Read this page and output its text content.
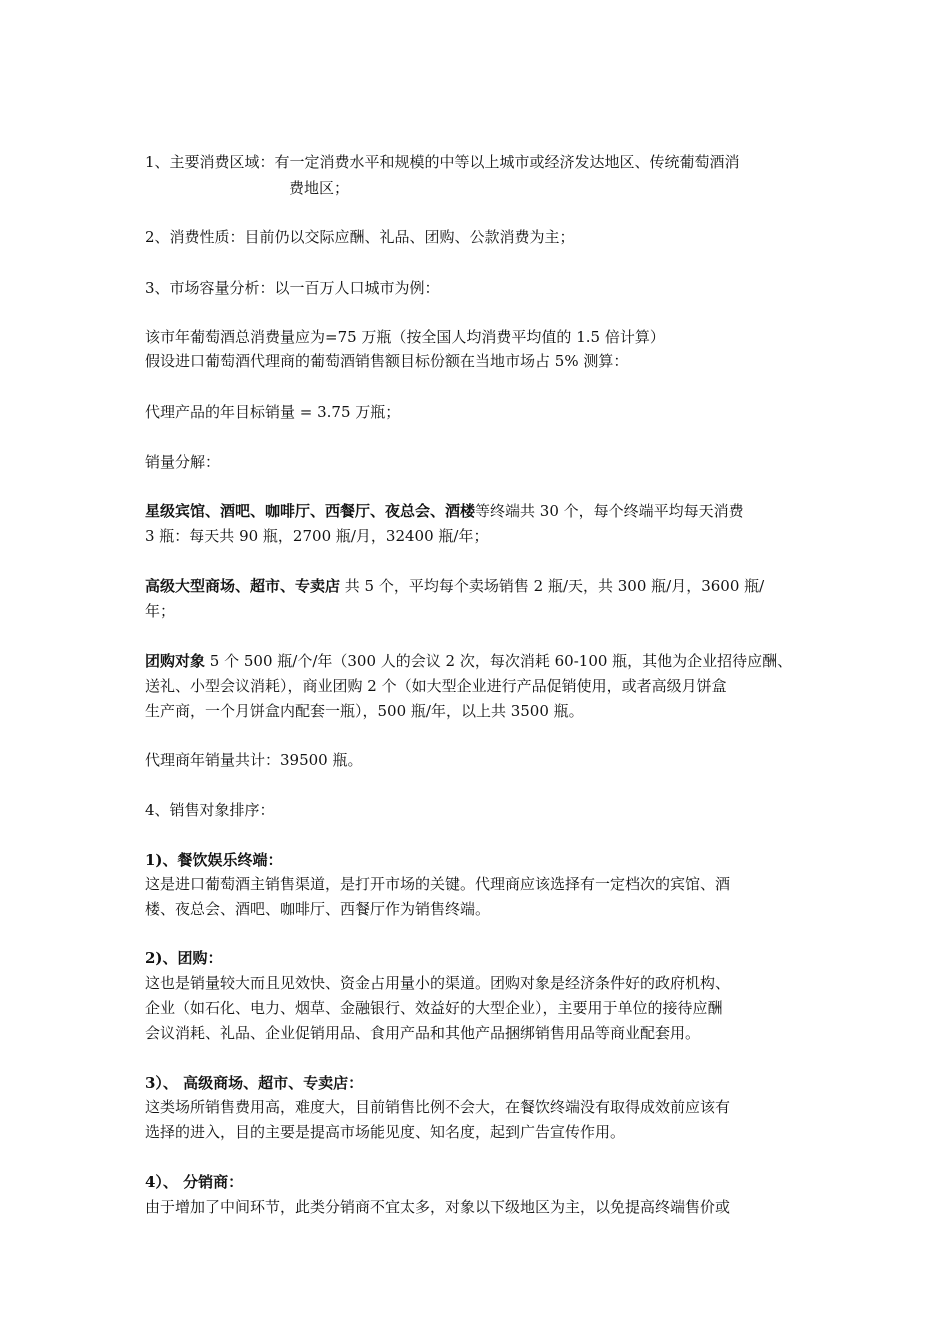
1、主要消费区域：有一定消费水平和规模的中等以上城市或经济发达地区、传统葡萄酒消
费地区；
2、消费性质：目前仍以交际应酬、礼品、团购、公款消费为主；
3、市场容量分析：以一百万人口城市为例：
该市年葡萄酒总消费量应为=75 万瓶（按全国人均消费平均值的 1.5 倍计算）
假设进口葡萄酒代理商的葡萄酒销售额目标份额在当地市场占 5% 测算：
代理产品的年目标销量 = 3.75 万瓶；
销量分解：
星级宾馆、酒吧、咖啡厅、西餐厅、夜总会、酒楼等终端共 30 个，每个终端平均每天消费
3 瓶：每天共 90 瓶，2700 瓶/月，32400 瓶/年；
高级大型商场、超市、专卖店 共 5 个，平均每个卖场销售 2 瓶/天，共 300 瓶/月，3600 瓶/
年；
团购对象 5 个 500 瓶/个/年（300 人的会议 2 次，每次消耗 60-100 瓶，其他为企业招待应酬、
送礼、小型会议消耗），商业团购 2 个（如大型企业进行产品促销使用，或者高级月饼盒
生产商，一个月饼盒内配套一瓶），500 瓶/年，以上共 3500 瓶。
代理商年销量共计：39500 瓶。
4、销售对象排序：
1)、餐饮娱乐终端：
这是进口葡萄酒主销售渠道，是打开市场的关键。代理商应该选择有一定档次的宾馆、酒
楼、夜总会、酒吧、咖啡厅、西餐厅作为销售终端。
2)、团购：
这也是销量较大而且见效快、资金占用量小的渠道。团购对象是经济条件好的政府机构、
企业（如石化、电力、烟草、金融银行、效益好的大型企业），主要用于单位的接待应酬
会议消耗、礼品、企业促销用品、食用产品和其他产品捆绑销售用品等商业配套用。
3）、 高级商场、超市、专卖店：
这类场所销售费用高，难度大，目前销售比例不会大，在餐饮终端没有取得成效前应该有
选择的进入，目的主要是提高市场能见度、知名度，起到广告宣传作用。
4）、 分销商：
由于增加了中间环节，此类分销商不宜太多，对象以下级地区为主，以免提高终端售价或
